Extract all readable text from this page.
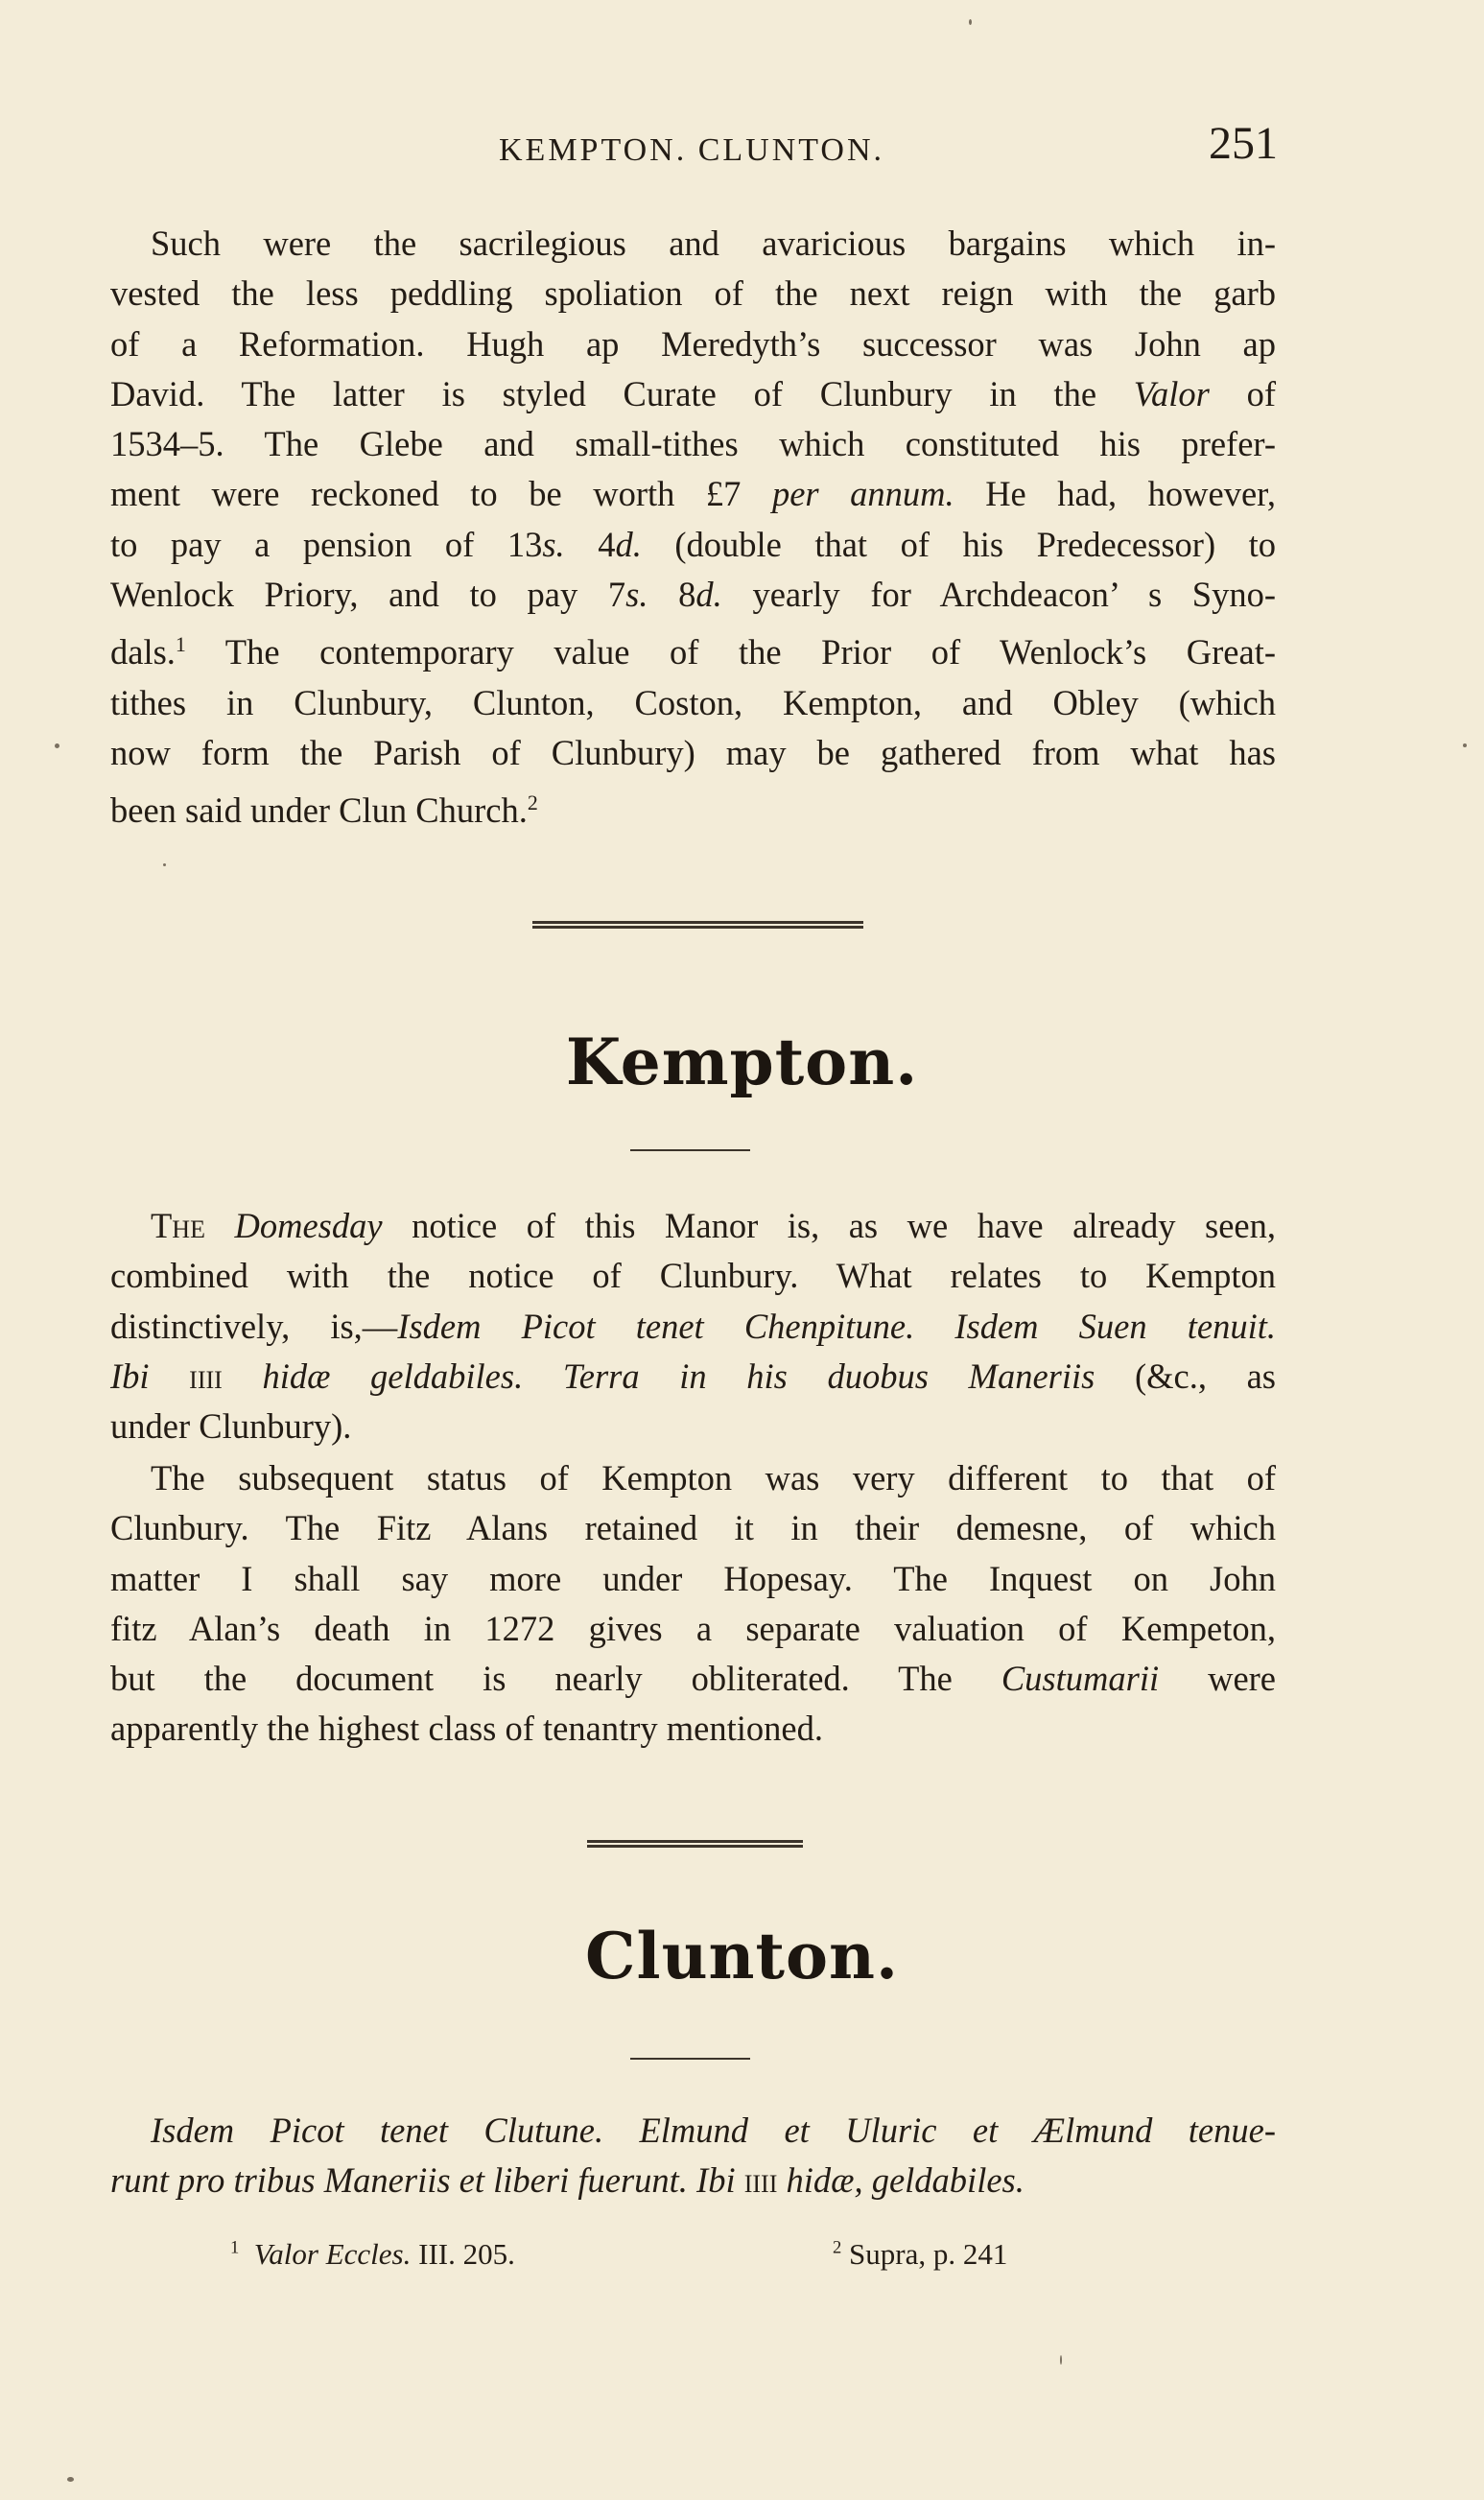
KEMPTON. CLUNTON.	251

Such were the sacrilegious and avaricious bargains which in-
vested the less peddling spoliation of the next reign with the garb
of a Reformation. Hugh ap Meredyth’s successor was John ap
David. The latter is styled Curate of Clunbury in the Valor of
1534–5. The Glebe and small-tithes which constituted his prefer-
ment were reckoned to be worth £7 per annum. He had, however,
to pay a pension of 13s. 4d. (double that of his Predecessor) to
Wenlock Priory, and to pay 7s. 8d. yearly for Archdeacon’ s Syno-
dals.$^1$ The contemporary value of the Prior of Wenlock’s Great-
tithes in Clunbury, Clunton, Coston, Kempton, and Obley (which
now form the Parish of Clunbury) may be gathered from what has
been said under Clun Church.$^2$

Kempton.

The Domesday notice of this Manor is, as we have already seen,
combined with the notice of Clunbury. What relates to Kempton
distinctively, is,—Isdem Picot tenet Chenpitune. Isdem Suen tenuit.
Ibi iiii hidæ geldabiles. Terra in his duobus Maneriis (&c., as
under Clunbury).

The subsequent status of Kempton was very different to that of
Clunbury. The Fitz Alans retained it in their demesne, of which
matter I shall say more under Hopesay. The Inquest on John
fitz Alan’s death in 1272 gives a separate valuation of Kempeton,
but the document is nearly obliterated. The Custumarii were
apparently the highest class of tenantry mentioned.

Clunton.

Isdem Picot tenet Clutune. Elmund et Uluric et Ælmund tenue-
runt pro tribus Maneriis et liberi fuerunt. Ibi iiii hidæ, geldabiles.

$^1$ Valor Eccles. III. 205.	$^2$ Supra, p. 241
